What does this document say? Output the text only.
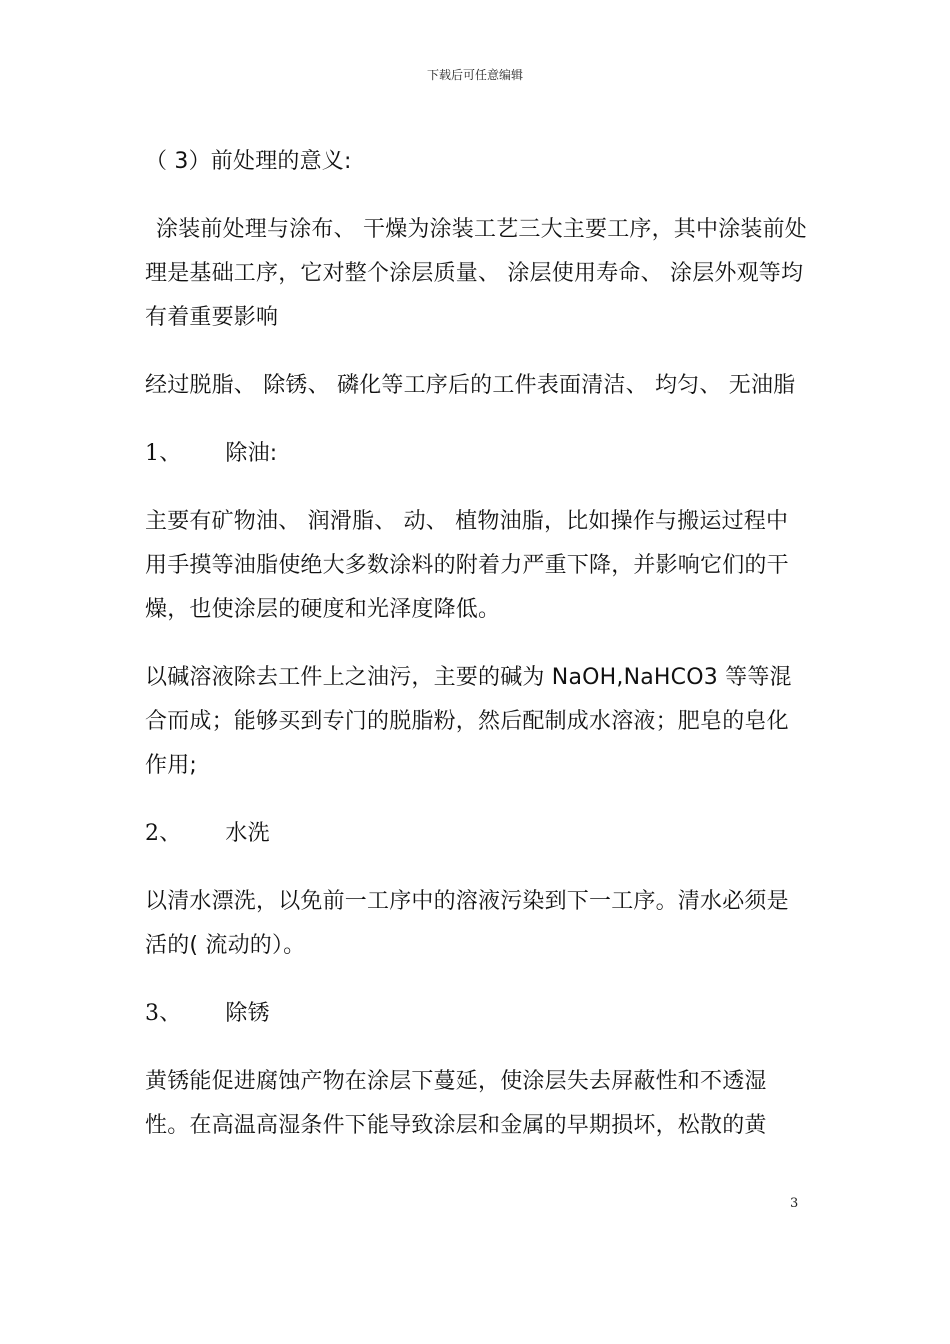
下载后可任意编辑

（ 3）前处理的意义:

涂装前处理与涂布、 干燥为涂装工艺三大主要工序，其中涂装前处理是基础工序，它对整个涂层质量、 涂层使用寿命、 涂层外观等均有着重要影响

经过脱脂、 除锈、 磷化等工序后的工件表面清洁、 均匀、 无油脂

1、 除油:

主要有矿物油、 润滑脂、 动、 植物油脂，比如操作与搬运过程中用手摸等油脂使绝大多数涂料的附着力严重下降，并影响它们的干燥，也使涂层的硬度和光泽度降低。

以碱溶液除去工件上之油污，主要的碱为 NaOH,NaHCO3 等等混合而成；能够买到专门的脱脂粉，然后配制成水溶液；肥皂的皂化作用;

2、 水洗

以清水漂洗，以免前一工序中的溶液污染到下一工序。清水必须是活的( 流动的）。

3、 除锈

黄锈能促进腐蚀产物在涂层下蔓延，使涂层失去屏蔽性和不透湿性。在高温高湿条件下能导致涂层和金属的早期损坏，松散的黄

3
